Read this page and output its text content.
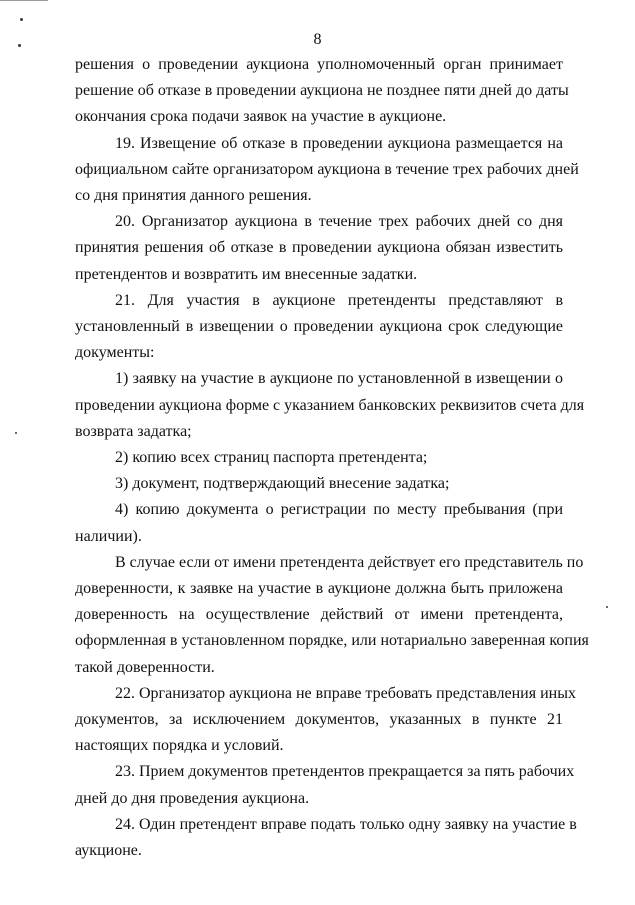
8
решения о проведении аукциона уполномоченный орган принимает
решение об отказе в проведении аукциона не позднее пяти дней до даты
окончания срока подачи заявок на участие в аукционе.
19. Извещение об отказе в проведении аукциона размещается на
официальном сайте организатором аукциона в течение трех рабочих дней
со дня принятия данного решения.
20. Организатор аукциона в течение трех рабочих дней со дня
принятия решения об отказе в проведении аукциона обязан известить
претендентов и возвратить им внесенные задатки.
21. Для участия в аукционе претенденты представляют в
установленный в извещении о проведении аукциона срок следующие
документы:
1) заявку на участие в аукционе по установленной в извещении о
проведении аукциона форме с указанием банковских реквизитов счета для
возврата задатка;
2) копию всех страниц паспорта претендента;
3) документ, подтверждающий внесение задатка;
4) копию документа о регистрации по месту пребывания (при
наличии).
В случае если от имени претендента действует его представитель по
доверенности, к заявке на участие в аукционе должна быть приложена
доверенность на осуществление действий от имени претендента,
оформленная в установленном порядке, или нотариально заверенная копия
такой доверенности.
22. Организатор аукциона не вправе требовать представления иных
документов, за исключением документов, указанных в пункте 21
настоящих порядка и условий.
23. Прием документов претендентов прекращается за пять рабочих
дней до дня проведения аукциона.
24. Один претендент вправе подать только одну заявку на участие в
аукционе.
